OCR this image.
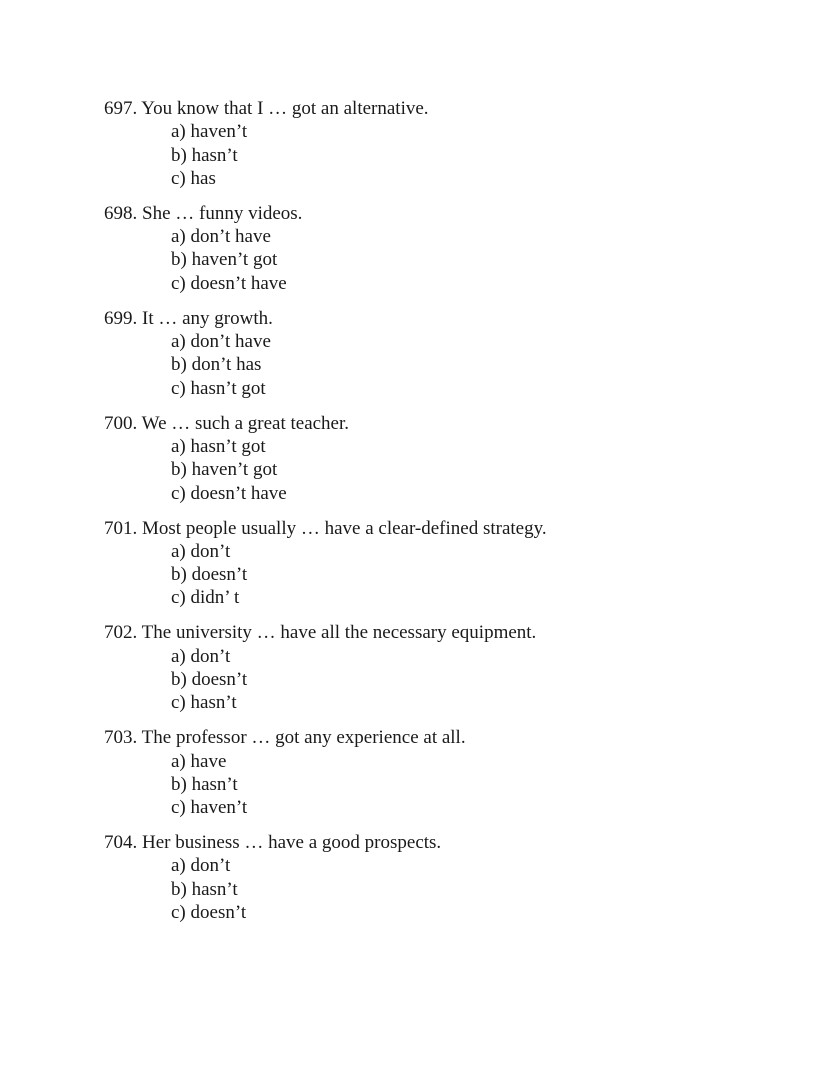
697. You know that I … got an alternative.
a) haven’t
b) hasn’t
c) has
698. She … funny videos.
a) don’t have
b) haven’t got
c) doesn’t have
699. It … any growth.
a) don’t have
b) don’t has
c) hasn’t got
700. We … such a great teacher.
a) hasn’t got
b) haven’t got
c) doesn’t have
701. Most people usually … have a clear-defined strategy.
a) don’t
b) doesn’t
c) didn’ t
702. The university … have all the necessary equipment.
a) don’t
b) doesn’t
c) hasn’t
703. The professor … got any experience at all.
a) have
b) hasn’t
c) haven’t
704. Her business … have a good prospects.
a) don’t
b) hasn’t
c) doesn’t
